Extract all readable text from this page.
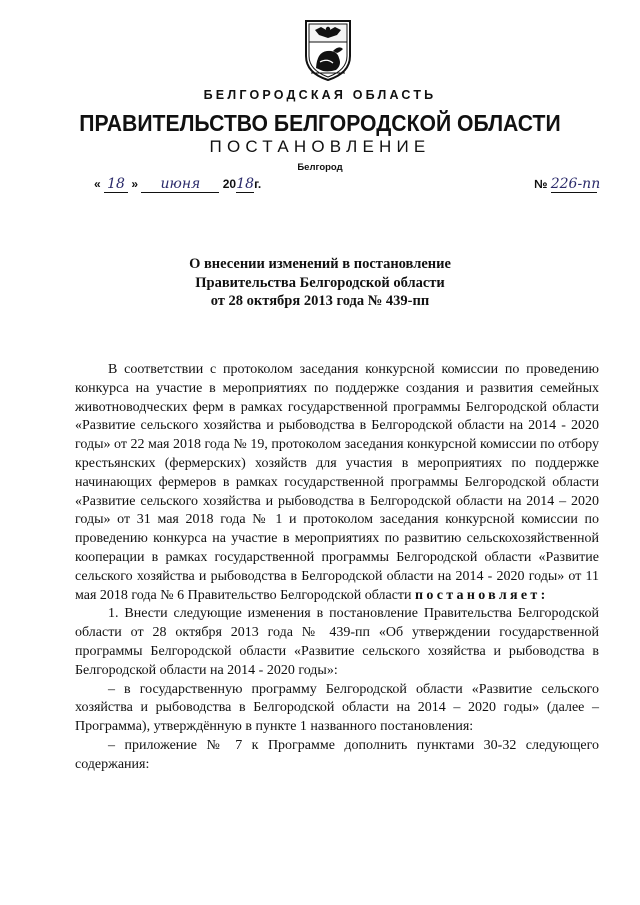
БЕЛГОРОДСКАЯ ОБЛАСТЬ
ПРАВИТЕЛЬСТВО БЕЛГОРОДСКОЙ ОБЛАСТИ
ПОСТАНОВЛЕНИЕ
Белгород
« 18 » июня 2018г.	№ 226-пп
О внесении изменений в постановление
Правительства Белгородской области
от 28 октября 2013 года № 439-пп

В соответствии с протоколом заседания конкурсной комиссии по проведению конкурса на участие в мероприятиях по поддержке создания и развития семейных животноводческих ферм в рамках государственной программы Белгородской области «Развитие сельского хозяйства и рыбоводства в Белгородской области на 2014 - 2020 годы» от 22 мая 2018 года № 19, протоколом заседания конкурсной комиссии по отбору крестьянских (фермерских) хозяйств для участия в мероприятиях по поддержке начинающих фермеров в рамках государственной программы Белгородской области «Развитие сельского хозяйства и рыбоводства в Белгородской области на 2014 – 2020 годы» от 31 мая 2018 года № 1 и протоколом заседания конкурсной комиссии по проведению конкурса на участие в мероприятиях по развитию сельскохозяйственной кооперации в рамках государственной программы Белгородской области «Развитие сельского хозяйства и рыбоводства в Белгородской области на 2014 - 2020 годы» от 11 мая 2018 года № 6 Правительство Белгородской области постановляет:

1. Внести следующие изменения в постановление Правительства Белгородской области от 28 октября 2013 года № 439-пп «Об утверждении государственной программы Белгородской области «Развитие сельского хозяйства и рыбоводства в Белгородской области на 2014 - 2020 годы»:

– в государственную программу Белгородской области «Развитие сельского хозяйства и рыбоводства в Белгородской области на 2014 – 2020 годы» (далее – Программа), утверждённую в пункте 1 названного постановления:

– приложение № 7 к Программе дополнить пунктами 30-32 следующего содержания:
